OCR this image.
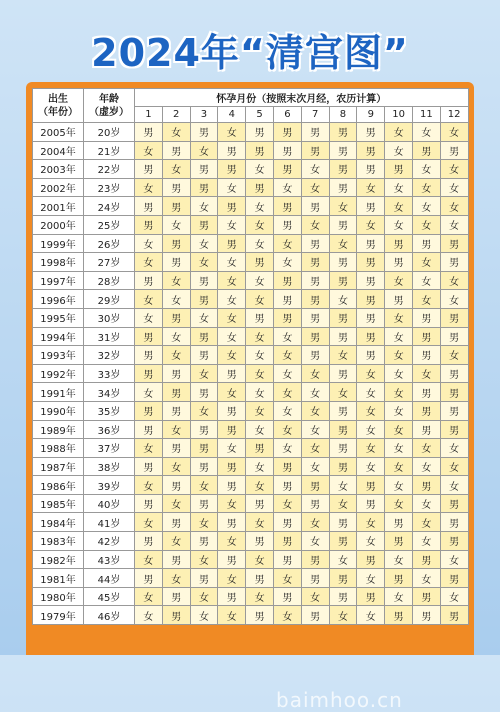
2024年“清宫图”
出生
（年份）	年龄
（虚岁）	怀孕月份（按照末次月经，农历计算）											
		1	2	3	4	5	6	7	8	9	10	11	12
2005年	20岁	男	女	男	女	男	男	男	男	男	女	女	女
2004年	21岁	女	男	女	男	男	男	男	男	男	女	男	男
2003年	22岁	男	女	男	男	女	男	女	男	男	男	女	女
2002年	23岁	女	男	男	女	男	女	女	男	女	女	女	女
2001年	24岁	男	男	女	男	女	男	男	女	男	女	女	女
2000年	25岁	男	女	男	女	女	男	女	男	女	女	女	女
1999年	26岁	女	男	女	男	女	女	男	女	男	男	男	男
1998年	27岁	女	男	女	女	男	女	男	男	男	男	女	男
1997年	28岁	男	女	男	女	女	男	男	男	男	女	女	女
1996年	29岁	女	女	男	女	女	男	男	女	男	男	女	女
1995年	30岁	女	男	女	女	男	男	男	男	男	女	男	男
1994年	31岁	男	女	男	女	女	女	男	男	男	女	男	男
1993年	32岁	男	女	男	女	女	女	男	女	男	女	男	女
1992年	33岁	男	男	女	男	女	女	女	男	女	女	女	男
1991年	34岁	女	男	男	女	女	女	女	女	女	女	男	男
1990年	35岁	男	男	女	男	女	女	女	男	女	女	男	男
1989年	36岁	男	女	男	男	女	女	女	男	女	女	男	男
1988年	37岁	女	男	男	女	男	女	女	男	女	女	女	女
1987年	38岁	男	女	男	男	女	男	女	男	女	女	女	女
1986年	39岁	女	男	女	男	女	男	男	女	男	女	男	女
1985年	40岁	男	女	男	女	男	女	男	女	男	女	女	男
1984年	41岁	女	男	女	男	女	男	女	男	女	男	女	男
1983年	42岁	男	女	男	女	男	男	女	男	女	男	女	男
1982年	43岁	女	男	女	男	女	男	男	女	男	女	男	女
1981年	44岁	男	女	男	女	男	女	男	男	女	男	女	男
1980年	45岁	女	男	女	男	女	男	女	男	男	女	男	女
1979年	46岁	女	男	女	女	男	女	男	女	女	男	男	男
baimhoo.cn
